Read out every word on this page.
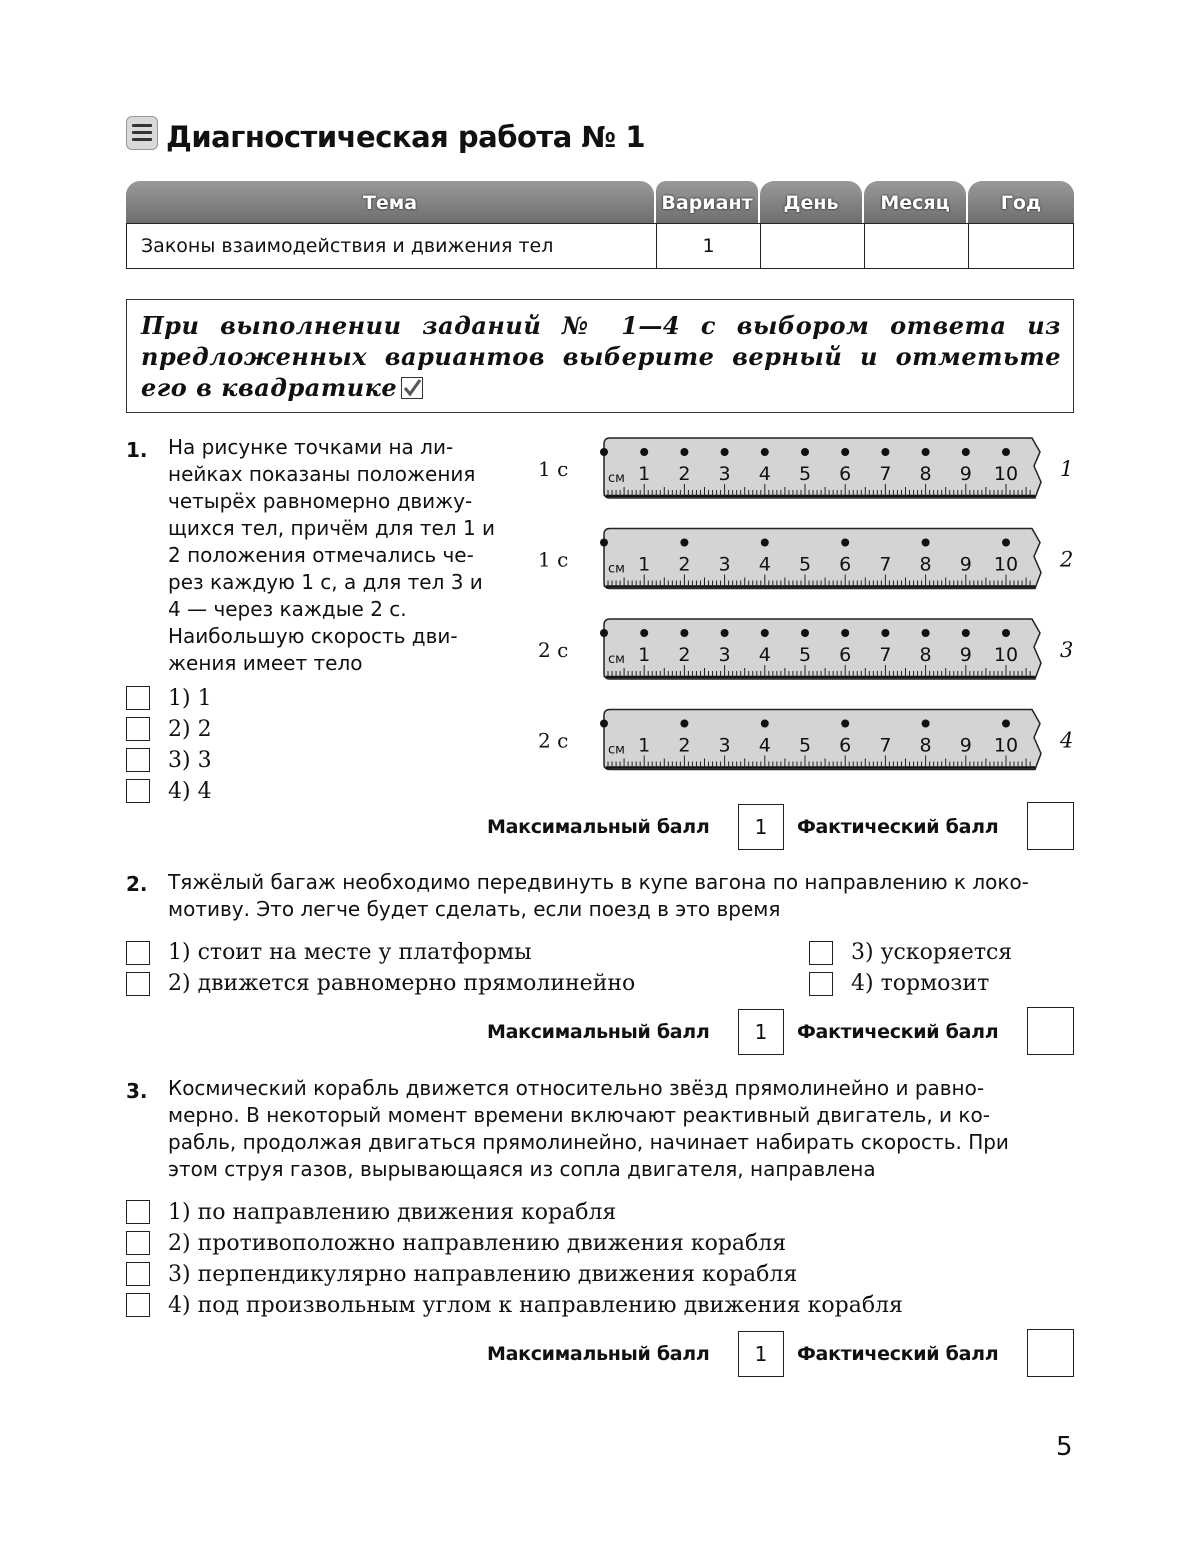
Диагностическая работа № 1
Тема	Вариант	День	Месяц	Год
Законы взаимодействия и движения тел	1
При выполнении заданий № 1—4 с выбором ответа из предложенных вариантов выберите верный и отметьте его в квадратике
1. На рисунке точками на ли-
нейках показаны положения
четырёх равномерно движу-
щихся тел, причём для тел 1 и
2 положения отмечались че-
рез каждую 1 с, а для тел 3 и
4 — через каждые 2 с.
Наибольшую скорость дви-
жения имеет тело
1) 1
2) 2
3) 3
4) 4
см 1 2 3 4 5 6 7 8 9 10
1 с	1
см 1 2 3 4 5 6 7 8 9 10
1 с	2
см 1 2 3 4 5 6 7 8 9 10
2 с	3
см 1 2 3 4 5 6 7 8 9 10
2 с	4
Максимальный балл	1	Фактический балл
2. Тяжёлый багаж необходимо передвинуть в купе вагона по направлению к локо-
мотиву. Это легче будет сделать, если поезд в это время
1) стоит на месте у платформы
2) движется равномерно прямолинейно
3) ускоряется
4) тормозит
Максимальный балл	1	Фактический балл
3. Космический корабль движется относительно звёзд прямолинейно и равно-
мерно. В некоторый момент времени включают реактивный двигатель, и ко-
рабль, продолжая двигаться прямолинейно, начинает набирать скорость. При
этом струя газов, вырывающаяся из сопла двигателя, направлена
1) по направлению движения корабля
2) противоположно направлению движения корабля
3) перпендикулярно направлению движения корабля
4) под произвольным углом к направлению движения корабля
Максимальный балл	1	Фактический балл
5
